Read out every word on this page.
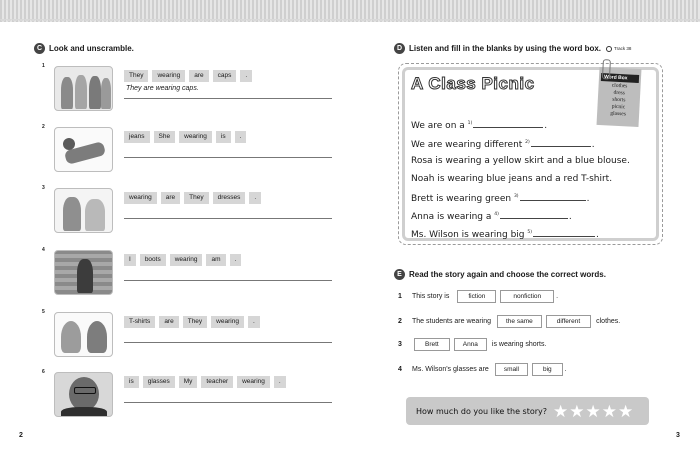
C Look and unscramble.
1
They	wearing	are	caps	.
They are wearing caps.
2
jeans	She	wearing	is	.
3
wearing	are	They	dresses	.
4
I	boots	wearing	am	.
5
T-shirts	are	They	wearing	.
6
is	glasses	My	teacher	wearing	.
D Listen and fill in the blanks by using the word box.	Track 38
A Class Picnic	Word Box
clothes
dress
shorts
picnic
glasses
We are on a $^{1)}$	.
We are wearing different $^{2)}$	.
Rosa is wearing a yellow skirt and a blue blouse.
Noah is wearing blue jeans and a red T-shirt.
Brett is wearing green $^{3)}$	.
Anna is wearing a $^{4)}$	.
Ms. Wilson is wearing big $^{5)}$	.
E Read the story again and choose the correct words.
1	This story is	fiction	nonfiction	.
2	The students are wearing	the same	different	clothes.
3	Brett	Anna	is wearing shorts.
4	Ms. Wilson's glasses are	small	big	.
How much do you like the story? ★ ★ ★ ★ ★
2	3
